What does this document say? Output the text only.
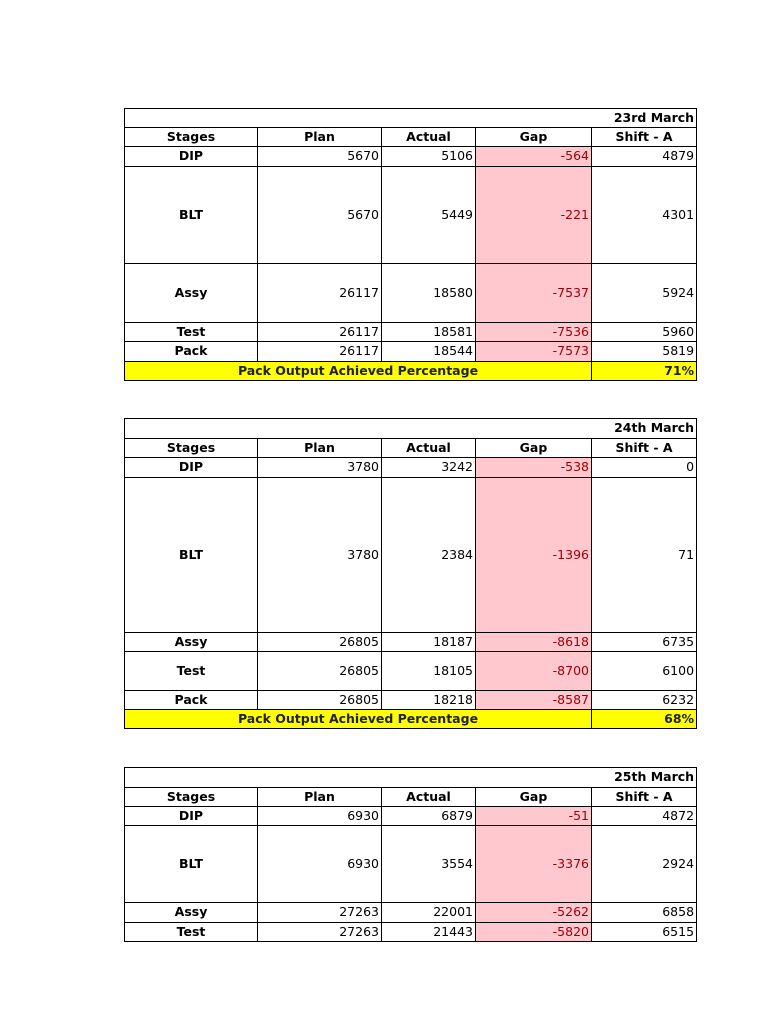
23rd March				
Stages	Plan	Actual	Gap	Shift - A
DIP	5670	5106	-564	4879
BLT	5670	5449	-221	4301
Assy	26117	18580	-7537	5924
Test	26117	18581	-7536	5960
Pack	26117	18544	-7573	5819
Pack Output Achieved Percentage				71%
24th March				
Stages	Plan	Actual	Gap	Shift - A
DIP	3780	3242	-538	0
BLT	3780	2384	-1396	71
Assy	26805	18187	-8618	6735
Test	26805	18105	-8700	6100
Pack	26805	18218	-8587	6232
Pack Output Achieved Percentage				68%
25th March				
Stages	Plan	Actual	Gap	Shift - A
DIP	6930	6879	-51	4872
BLT	6930	3554	-3376	2924
Assy	27263	22001	-5262	6858
Test	27263	21443	-5820	6515
